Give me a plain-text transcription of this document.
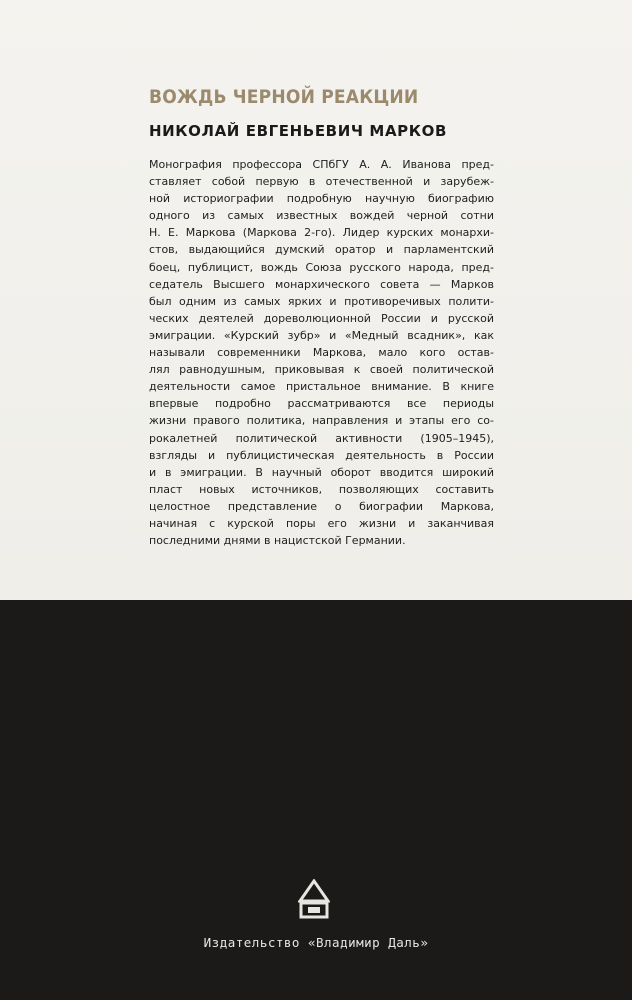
ВОЖДЬ ЧЕРНОЙ РЕАКЦИИ
НИКОЛАЙ ЕВГЕНЬЕВИЧ МАРКОВ
Монография профессора СПбГУ А. А. Иванова пред-
ставляет собой первую в отечественной и зарубеж-
ной историографии подробную научную биографию
одного из самых известных вождей черной сотни
Н. Е. Маркова (Маркова 2-го). Лидер курских монархи-
стов, выдающийся думский оратор и парламентский
боец, публицист, вождь Союза русского народа, пред-
седатель Высшего монархического совета — Марков
был одним из самых ярких и противоречивых полити-
ческих деятелей дореволюционной России и русской
эмиграции. «Курский зубр» и «Медный всадник», как
называли современники Маркова, мало кого остав-
лял равнодушным, приковывая к своей политической
деятельности самое пристальное внимание. В книге
впервые подробно рассматриваются все периоды
жизни правого политика, направления и этапы его со-
рокалетней политической активности (1905–1945),
взгляды и публицистическая деятельность в России
и в эмиграции. В научный оборот вводится широкий
пласт новых источников, позволяющих составить
целостное представление о биографии Маркова,
начиная с курской поры его жизни и заканчивая
последними днями в нацистской Германии.
Издательство «Владимир Даль»
